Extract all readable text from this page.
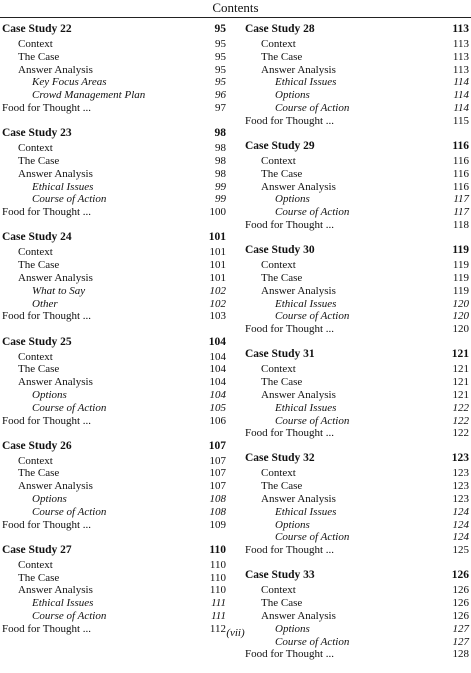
Contents
Case Study 22	95
Context	95
The Case	95
Answer Analysis	95
Key Focus Areas	95
Crowd Management Plan	96
Food for Thought ...	97
Case Study 23	98
Context	98
The Case	98
Answer Analysis	98
Ethical Issues	99
Course of Action	99
Food for Thought ...	100
Case Study 24	101
Context	101
The Case	101
Answer Analysis	101
What to Say	102
Other	102
Food for Thought ...	103
Case Study 25	104
Context	104
The Case	104
Answer Analysis	104
Options	104
Course of Action	105
Food for Thought ...	106
Case Study 26	107
Context	107
The Case	107
Answer Analysis	107
Options	108
Course of Action	108
Food for Thought ...	109
Case Study 27	110
Context	110
The Case	110
Answer Analysis	110
Ethical Issues	111
Course of Action	111
Food for Thought ...	112
Case Study 28	113
Context	113
The Case	113
Answer Analysis	113
Ethical Issues	114
Options	114
Course of Action	114
Food for Thought ...	115
Case Study 29	116
Context	116
The Case	116
Answer Analysis	116
Options	117
Course of Action	117
Food for Thought ...	118
Case Study 30	119
Context	119
The Case	119
Answer Analysis	119
Ethical Issues	120
Course of Action	120
Food for Thought ...	120
Case Study 31	121
Context	121
The Case	121
Answer Analysis	121
Ethical Issues	122
Course of Action	122
Food for Thought ...	122
Case Study 32	123
Context	123
The Case	123
Answer Analysis	123
Ethical Issues	124
Options	124
Course of Action	124
Food for Thought ...	125
Case Study 33	126
Context	126
The Case	126
Answer Analysis	126
Options	127
Course of Action	127
Food for Thought ...	128
(vii)
